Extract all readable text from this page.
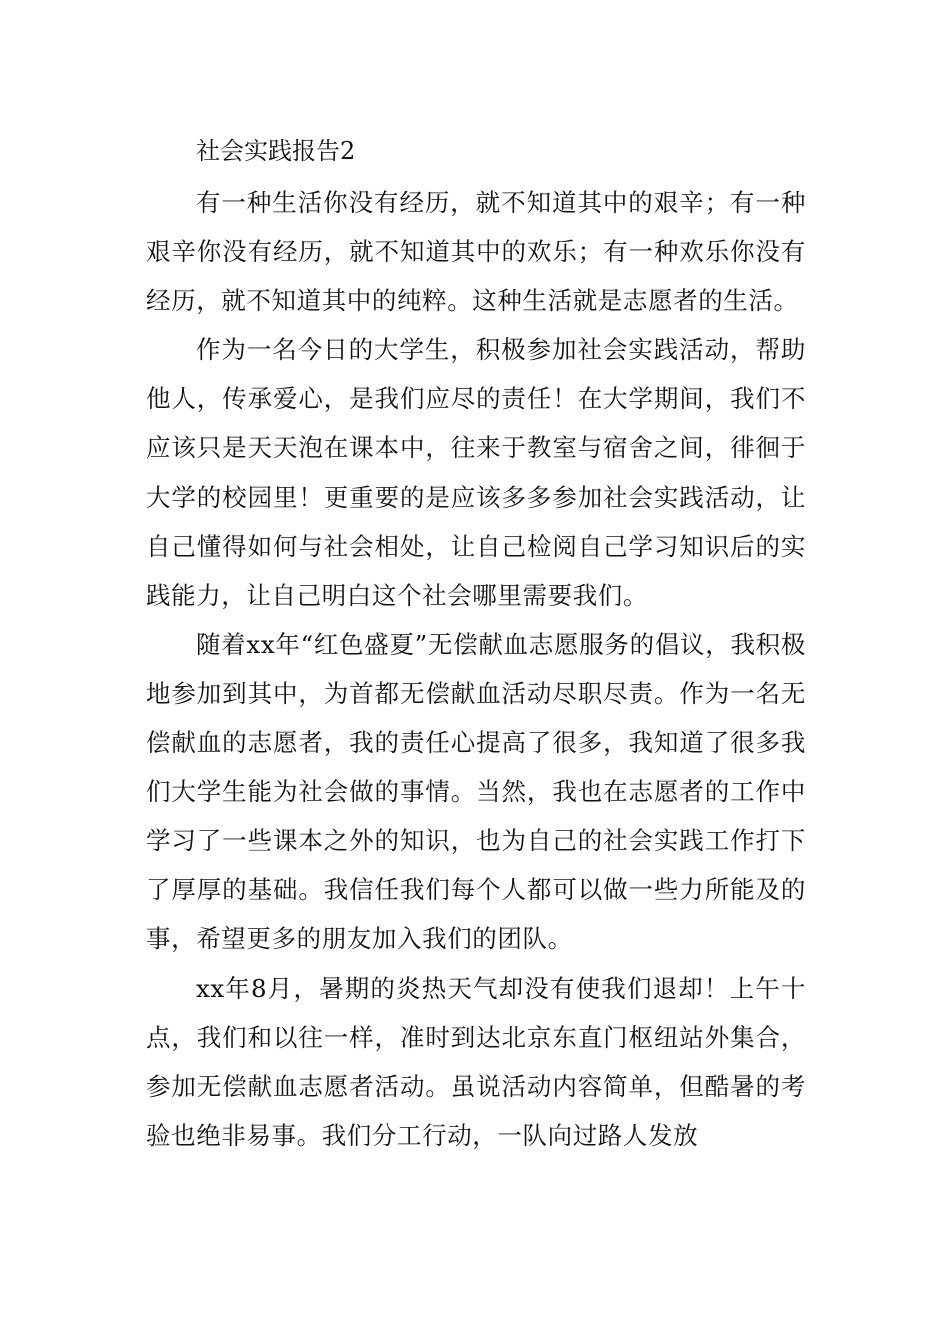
社会实践报告2

有一种生活你没有经历，就不知道其中的艰辛；有一种艰辛你没有经历，就不知道其中的欢乐；有一种欢乐你没有经历，就不知道其中的纯粹。这种生活就是志愿者的生活。

作为一名今日的大学生，积极参加社会实践活动，帮助他人，传承爱心，是我们应尽的责任！在大学期间，我们不应该只是天天泡在课本中，往来于教室与宿舍之间，徘徊于大学的校园里！更重要的是应该多多参加社会实践活动，让自己懂得如何与社会相处，让自己检阅自己学习知识后的实践能力，让自己明白这个社会哪里需要我们。

随着xx年“红色盛夏”无偿献血志愿服务的倡议，我积极地参加到其中，为首都无偿献血活动尽职尽责。作为一名无偿献血的志愿者，我的责任心提高了很多，我知道了很多我们大学生能为社会做的事情。当然，我也在志愿者的工作中学习了一些课本之外的知识，也为自己的社会实践工作打下了厚厚的基础。我信任我们每个人都可以做一些力所能及的事，希望更多的朋友加入我们的团队。

xx年8月，暑期的炎热天气却没有使我们退却！上午十点，我们和以往一样，准时到达北京东直门枢纽站外集合，参加无偿献血志愿者活动。虽说活动内容简单，但酷暑的考验也绝非易事。我们分工行动，一队向过路人发放
